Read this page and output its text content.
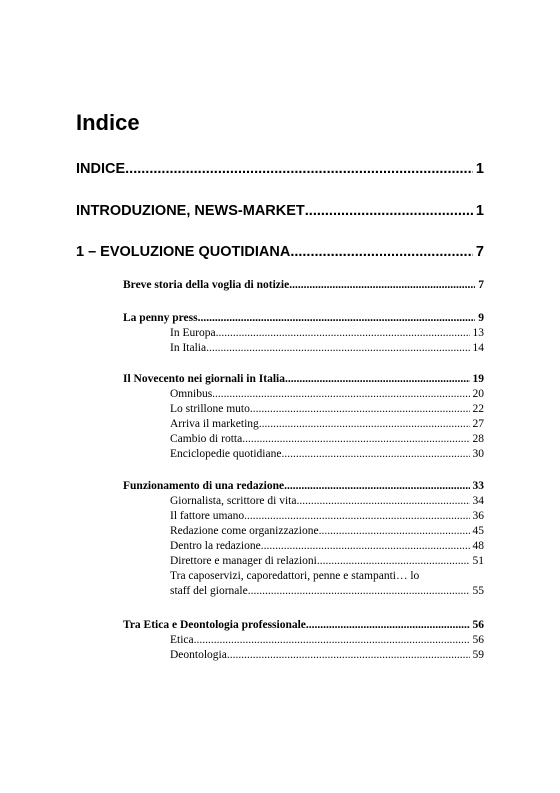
Indice
INDICE .....	1
INTRODUZIONE, NEWS-MARKET .....	1
1 – EVOLUZIONE QUOTIDIANA .....	7
Breve storia della voglia di notizie .....	7
La penny press .....	9
In Europa .....	13
In Italia .....	14
Il Novecento nei giornali in Italia .....	19
Omnibus .....	20
Lo strillone muto .....	22
Arriva il marketing .....	27
Cambio di rotta .....	28
Enciclopedie quotidiane .....	30
Funzionamento di una redazione .....	33
Giornalista, scrittore di vita .....	34
Il fattore umano .....	36
Redazione come organizzazione .....	45
Dentro la redazione .....	48
Direttore e manager di relazioni .....	51
Tra caposervizi, caporedattori, penne e stampanti… lo
staff del giornale .....	55
Tra Etica e Deontologia professionale .....	56
Etica .....	56
Deontologia .....	59
